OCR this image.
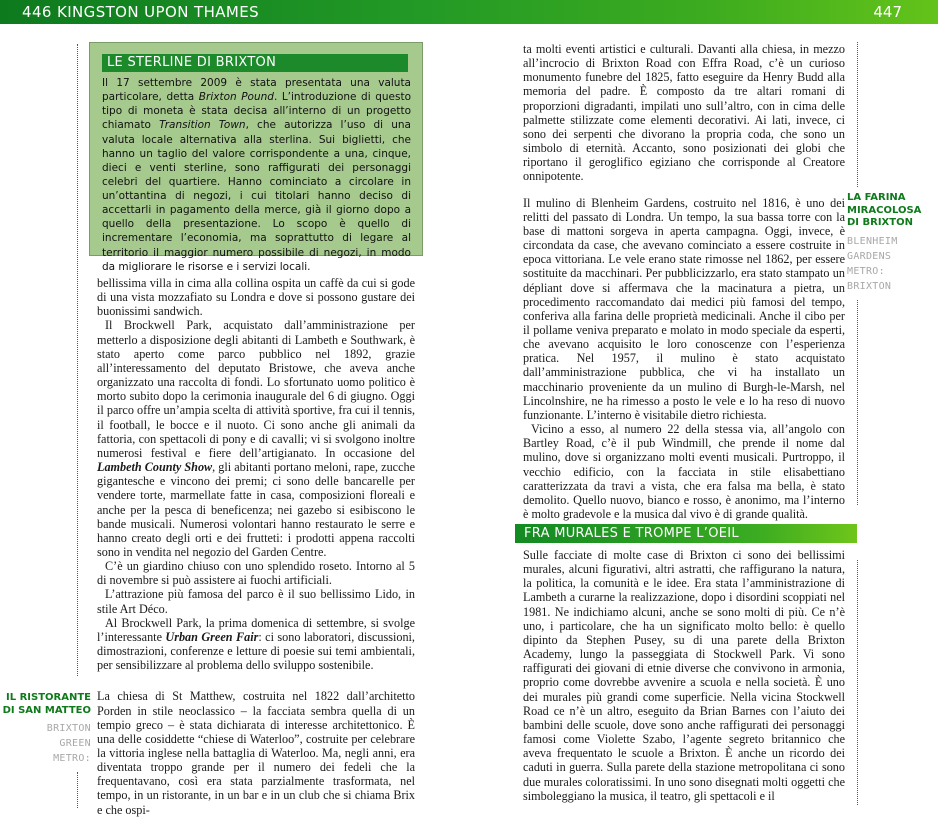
446 KINGSTON UPON THAMES	447
LE STERLINE DI BRIXTON
Il 17 settembre 2009 è stata presentata una valuta particolare, detta Brixton Pound. L’introduzione di questo tipo di moneta è stata decisa all’interno di un progetto chiamato Transition Town, che autorizza l’uso di una valuta locale alternativa alla sterlina. Sui biglietti, che hanno un taglio del valore corrispondente a una, cinque, dieci e venti sterline, sono raffigurati dei personaggi celebri del quartiere. Hanno cominciato a circolare in un’ottantina di negozi, i cui titolari hanno deciso di accettarli in pagamento della merce, già il giorno dopo a quello della presentazione. Lo scopo è quello di incrementare l’economia, ma soprattutto di legare al territorio il maggior numero possibile di negozi, in modo da migliorare le risorse e i servizi locali.

bellissima villa in cima alla collina ospita un caffè da cui si gode di una vista mozzafiato su Londra e dove si possono gustare dei buonissimi sandwich.

Il Brockwell Park, acquistato dall’amministrazione per metterlo a disposizione degli abitanti di Lambeth e Southwark, è stato aperto come parco pubblico nel 1892, grazie all’interessamento del deputato Bristowe, che aveva anche organizzato una raccolta di fondi. Lo sfortunato uomo politico è morto subito dopo la cerimonia inaugurale del 6 di giugno. Oggi il parco offre un’ampia scelta di attività sportive, fra cui il tennis, il football, le bocce e il nuoto. Ci sono anche gli animali da fattoria, con spettacoli di pony e di cavalli; vi si svolgono inoltre numerosi festival e fiere dell’artigianato. In occasione del Lambeth County Show, gli abitanti portano meloni, rape, zucche gigantesche e vincono dei premi; ci sono delle bancarelle per vendere torte, marmellate fatte in casa, composizioni floreali e anche per la pesca di beneficenza; nei gazebo si esibiscono le bande musicali. Numerosi volontari hanno restaurato le serre e hanno creato degli orti e dei frutteti: i prodotti appena raccolti sono in vendita nel negozio del Garden Centre.

C’è un giardino chiuso con uno splendido roseto. Intorno al 5 di novembre si può assistere ai fuochi artificiali.

L’attrazione più famosa del parco è il suo bellissimo Lido, in stile Art Déco.

Al Brockwell Park, la prima domenica di settembre, si svolge l’interessante Urban Green Fair: ci sono laboratori, discussioni, dimostrazioni, conferenze e letture di poesie sui temi ambientali, per sensibilizzare al problema dello sviluppo sostenibile.

La chiesa di St Matthew, costruita nel 1822 dall’architetto Porden in stile neoclassico – la facciata sembra quella di un tempio greco – è stata dichiarata di interesse architettonico. È una delle cosiddette “chiese di Waterloo”, costruite per celebrare la vittoria inglese nella battaglia di Waterloo. Ma, negli anni, era diventata troppo grande per il numero dei fedeli che la frequentavano, così era stata parzialmente trasformata, nel tempo, in un ristorante, in un bar e in un club che si chiama Brix e che ospi-

IL RISTORANTE
DI SAN MATTEO
BRIXTON
GREEN
METRO:

ta molti eventi artistici e culturali. Davanti alla chiesa, in mezzo all’incrocio di Brixton Road con Effra Road, c’è un curioso monumento funebre del 1825, fatto eseguire da Henry Budd alla memoria del padre. È composto da tre altari romani di proporzioni digradanti, impilati uno sull’altro, con in cima delle palmette stilizzate come elementi decorativi. Ai lati, invece, ci sono dei serpenti che divorano la propria coda, che sono un simbolo di eternità. Accanto, sono posizionati dei globi che riportano il geroglifico egiziano che corrisponde al Creatore onnipotente.

Il mulino di Blenheim Gardens, costruito nel 1816, è uno dei relitti del passato di Londra. Un tempo, la sua bassa torre con la base di mattoni sorgeva in aperta campagna. Oggi, invece, è circondata da case, che avevano cominciato a essere costruite in epoca vittoriana. Le vele erano state rimosse nel 1862, per essere sostituite da macchinari. Per pubblicizzarlo, era stato stampato un dépliant dove si affermava che la macinatura a pietra, un procedimento raccomandato dai medici più famosi del tempo, conferiva alla farina delle proprietà medicinali. Anche il cibo per il pollame veniva preparato e molato in modo speciale da esperti, che avevano acquisito le loro conoscenze con l’esperienza pratica. Nel 1957, il mulino è stato acquistato dall’amministrazione pubblica, che vi ha installato un macchinario proveniente da un mulino di Burgh-le-Marsh, nel Lincolnshire, ne ha rimesso a posto le vele e lo ha reso di nuovo funzionante. L’interno è visitabile dietro richiesta.

Vicino a esso, al numero 22 della stessa via, all’angolo con Bartley Road, c’è il pub Windmill, che prende il nome dal mulino, dove si organizzano molti eventi musicali. Purtroppo, il vecchio edificio, con la facciata in stile elisabettiano caratterizzata da travi a vista, che era falsa ma bella, è stato demolito. Quello nuovo, bianco e rosso, è anonimo, ma l’interno è molto gradevole e la musica dal vivo è di grande qualità.

FRA MURALES E TROMPE L’OEIL

Sulle facciate di molte case di Brixton ci sono dei bellissimi murales, alcuni figurativi, altri astratti, che raffigurano la natura, la politica, la comunità e le idee. Era stata l’amministrazione di Lambeth a curarne la realizzazione, dopo i disordini scoppiati nel 1981. Ne indichiamo alcuni, anche se sono molti di più. Ce n’è uno, i particolare, che ha un significato molto bello: è quello dipinto da Stephen Pusey, su di una parete della Brixton Academy, lungo la passeggiata di Stockwell Park. Vi sono raffigurati dei giovani di etnie diverse che convivono in armonia, proprio come dovrebbe avvenire a scuola e nella società. È uno dei murales più grandi come superficie. Nella vicina Stockwell Road ce n’è un altro, eseguito da Brian Barnes con l’aiuto dei bambini delle scuole, dove sono anche raffigurati dei personaggi famosi come Violette Szabo, l’agente segreto britannico che aveva frequentato le scuole a Brixton. È anche un ricordo dei caduti in guerra. Sulla parete della stazione metropolitana ci sono due murales coloratissimi. In uno sono disegnati molti oggetti che simboleggiano la musica, il teatro, gli spettacoli e il

LA FARINA
MIRACOLOSA
DI BRIXTON
BLENHEIM
GARDENS
METRO:
BRIXTON
